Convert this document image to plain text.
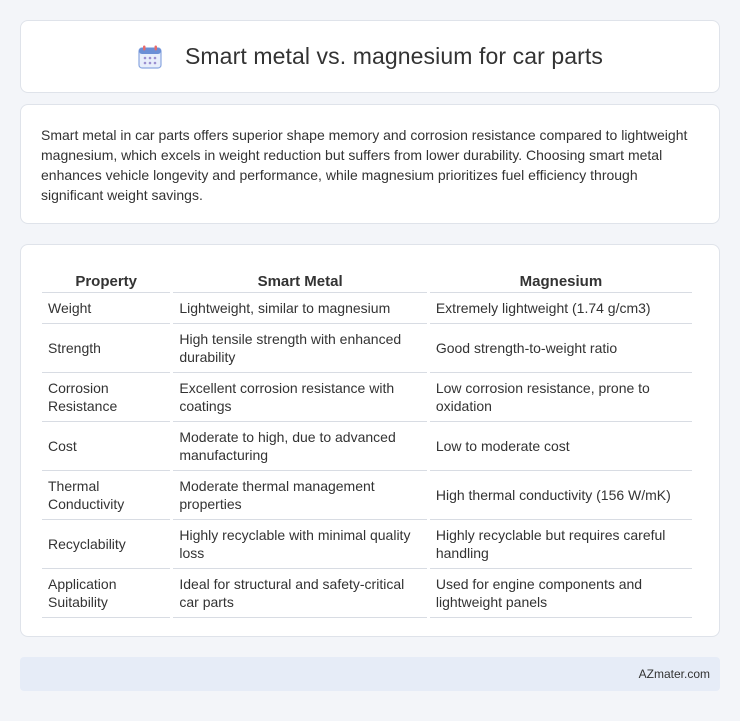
Smart metal vs. magnesium for car parts

Smart metal in car parts offers superior shape memory and corrosion resistance compared to lightweight magnesium, which excels in weight reduction but suffers from lower durability. Choosing smart metal enhances vehicle longevity and performance, while magnesium prioritizes fuel efficiency through significant weight savings.

Property	Smart Metal	Magnesium
Weight	Lightweight, similar to magnesium	Extremely lightweight (1.74 g/cm3)
Strength	High tensile strength with enhanced durability	Good strength-to-weight ratio
Corrosion Resistance	Excellent corrosion resistance with coatings	Low corrosion resistance, prone to oxidation
Cost	Moderate to high, due to advanced manufacturing	Low to moderate cost
Thermal Conductivity	Moderate thermal management properties	High thermal conductivity (156 W/mK)
Recyclability	Highly recyclable with minimal quality loss	Highly recyclable but requires careful handling
Application Suitability	Ideal for structural and safety-critical car parts	Used for engine components and lightweight panels
AZmater.com
